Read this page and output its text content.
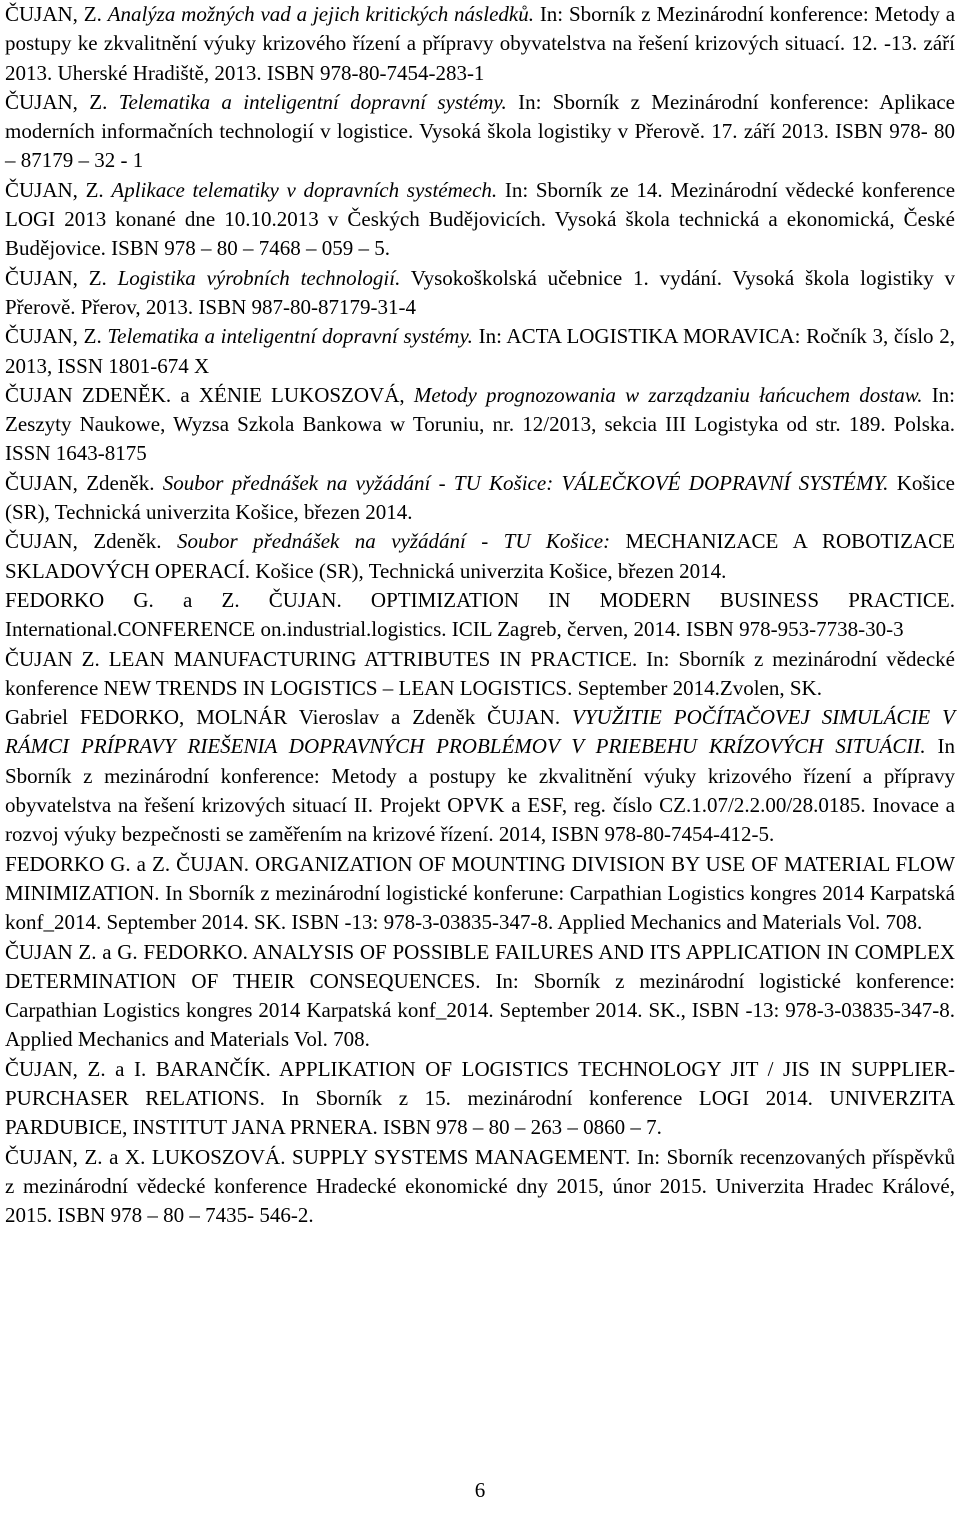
ČUJAN, Z. Analýza možných vad a jejich kritických následků. In: Sborník z Mezinárodní konference: Metody a postupy ke zkvalitnění výuky krizového řízení a přípravy obyvatelstva na řešení krizových situací. 12. -13. září 2013. Uherské Hradiště, 2013. ISBN 978-80-7454-283-1

ČUJAN, Z. Telematika a inteligentní dopravní systémy. In: Sborník z Mezinárodní konference: Aplikace moderních informačních technologií v logistice. Vysoká škola logistiky v Přerově. 17. září 2013. ISBN 978- 80 – 87179 – 32 - 1

ČUJAN, Z. Aplikace telematiky v dopravních systémech. In: Sborník ze 14. Mezinárodní vědecké konference LOGI 2013 konané dne 10.10.2013 v Českých Budějovicích. Vysoká škola technická a ekonomická, České Budějovice. ISBN 978 – 80 – 7468 – 059 – 5.

ČUJAN, Z. Logistika výrobních technologií. Vysokoškolská učebnice 1. vydání. Vysoká škola logistiky v Přerově. Přerov, 2013. ISBN 987-80-87179-31-4

ČUJAN, Z. Telematika a inteligentní dopravní systémy. In: ACTA LOGISTIKA MORAVICA: Ročník 3, číslo 2, 2013, ISSN 1801-674 X

ČUJAN ZDENĚK. a XÉNIE LUKOSZOVÁ, Metody prognozowania w zarządzaniu łańcuchem dostaw. In: Zeszyty Naukowe, Wyzsa Szkola Bankowa w Toruniu, nr. 12/2013, sekcia III Logistyka od str. 189. Polska. ISSN 1643-8175

ČUJAN, Zdeněk. Soubor přednášek na vyžádání - TU Košice: VÁLEČKOVÉ DOPRAVNÍ SYSTÉMY. Košice (SR), Technická univerzita Košice, březen 2014.

ČUJAN, Zdeněk. Soubor přednášek na vyžádání - TU Košice: MECHANIZACE A ROBOTIZACE SKLADOVÝCH OPERACÍ. Košice (SR), Technická univerzita Košice, březen 2014.

FEDORKO G. a Z. ČUJAN. OPTIMIZATION IN MODERN BUSINESS PRACTICE. International.CONFERENCE on.industrial.logistics. ICIL Zagreb, červen, 2014. ISBN 978-953-7738-30-3

ČUJAN Z. LEAN MANUFACTURING ATTRIBUTES IN PRACTICE. In: Sborník z mezinárodní vědecké konference NEW TRENDS IN LOGISTICS – LEAN LOGISTICS. September 2014.Zvolen, SK.

Gabriel FEDORKO, MOLNÁR Vieroslav a Zdeněk ČUJAN. VYUŽITIE POČÍTAČOVEJ SIMULÁCIE V RÁMCI PRÍPRAVY RIEŠENIA DOPRAVNÝCH PROBLÉMOV V PRIEBEHU KRÍZOVÝCH SITUÁCII. In Sborník z mezinárodní konference: Metody a postupy ke zkvalitnění výuky krizového řízení a přípravy obyvatelstva na řešení krizových situací II. Projekt OPVK a ESF, reg. číslo CZ.1.07/2.2.00/28.0185. Inovace a rozvoj výuky bezpečnosti se zaměřením na krizové řízení. 2014, ISBN 978-80-7454-412-5.

FEDORKO G. a Z. ČUJAN. ORGANIZATION OF MOUNTING DIVISION BY USE OF MATERIAL FLOW MINIMIZATION. In Sborník z mezinárodní logistické konferune: Carpathian Logistics kongres 2014 Karpatská konf_2014. September 2014. SK. ISBN -13: 978-3-03835-347-8. Applied Mechanics and Materials Vol. 708.

ČUJAN Z. a G. FEDORKO. ANALYSIS OF POSSIBLE FAILURES AND ITS APPLICATION IN COMPLEX DETERMINATION OF THEIR CONSEQUENCES. In: Sborník z mezinárodní logistické konference: Carpathian Logistics kongres 2014 Karpatská konf_2014. September 2014. SK., ISBN -13: 978-3-03835-347-8. Applied Mechanics and Materials Vol. 708.

ČUJAN, Z. a I. BARANČÍK. APPLIKATION OF LOGISTICS TECHNOLOGY JIT / JIS IN SUPPLIER- PURCHASER RELATIONS. In Sborník z 15. mezinárodní konference LOGI 2014. UNIVERZITA PARDUBICE, INSTITUT JANA PRNERA. ISBN 978 – 80 – 263 – 0860 – 7.

ČUJAN, Z. a X. LUKOSZOVÁ. SUPPLY SYSTEMS MANAGEMENT. In: Sborník recenzovaných příspěvků z mezinárodní vědecké konference Hradecké ekonomické dny 2015, únor 2015. Univerzita Hradec Králové, 2015. ISBN 978 – 80 – 7435- 546-2.

6
